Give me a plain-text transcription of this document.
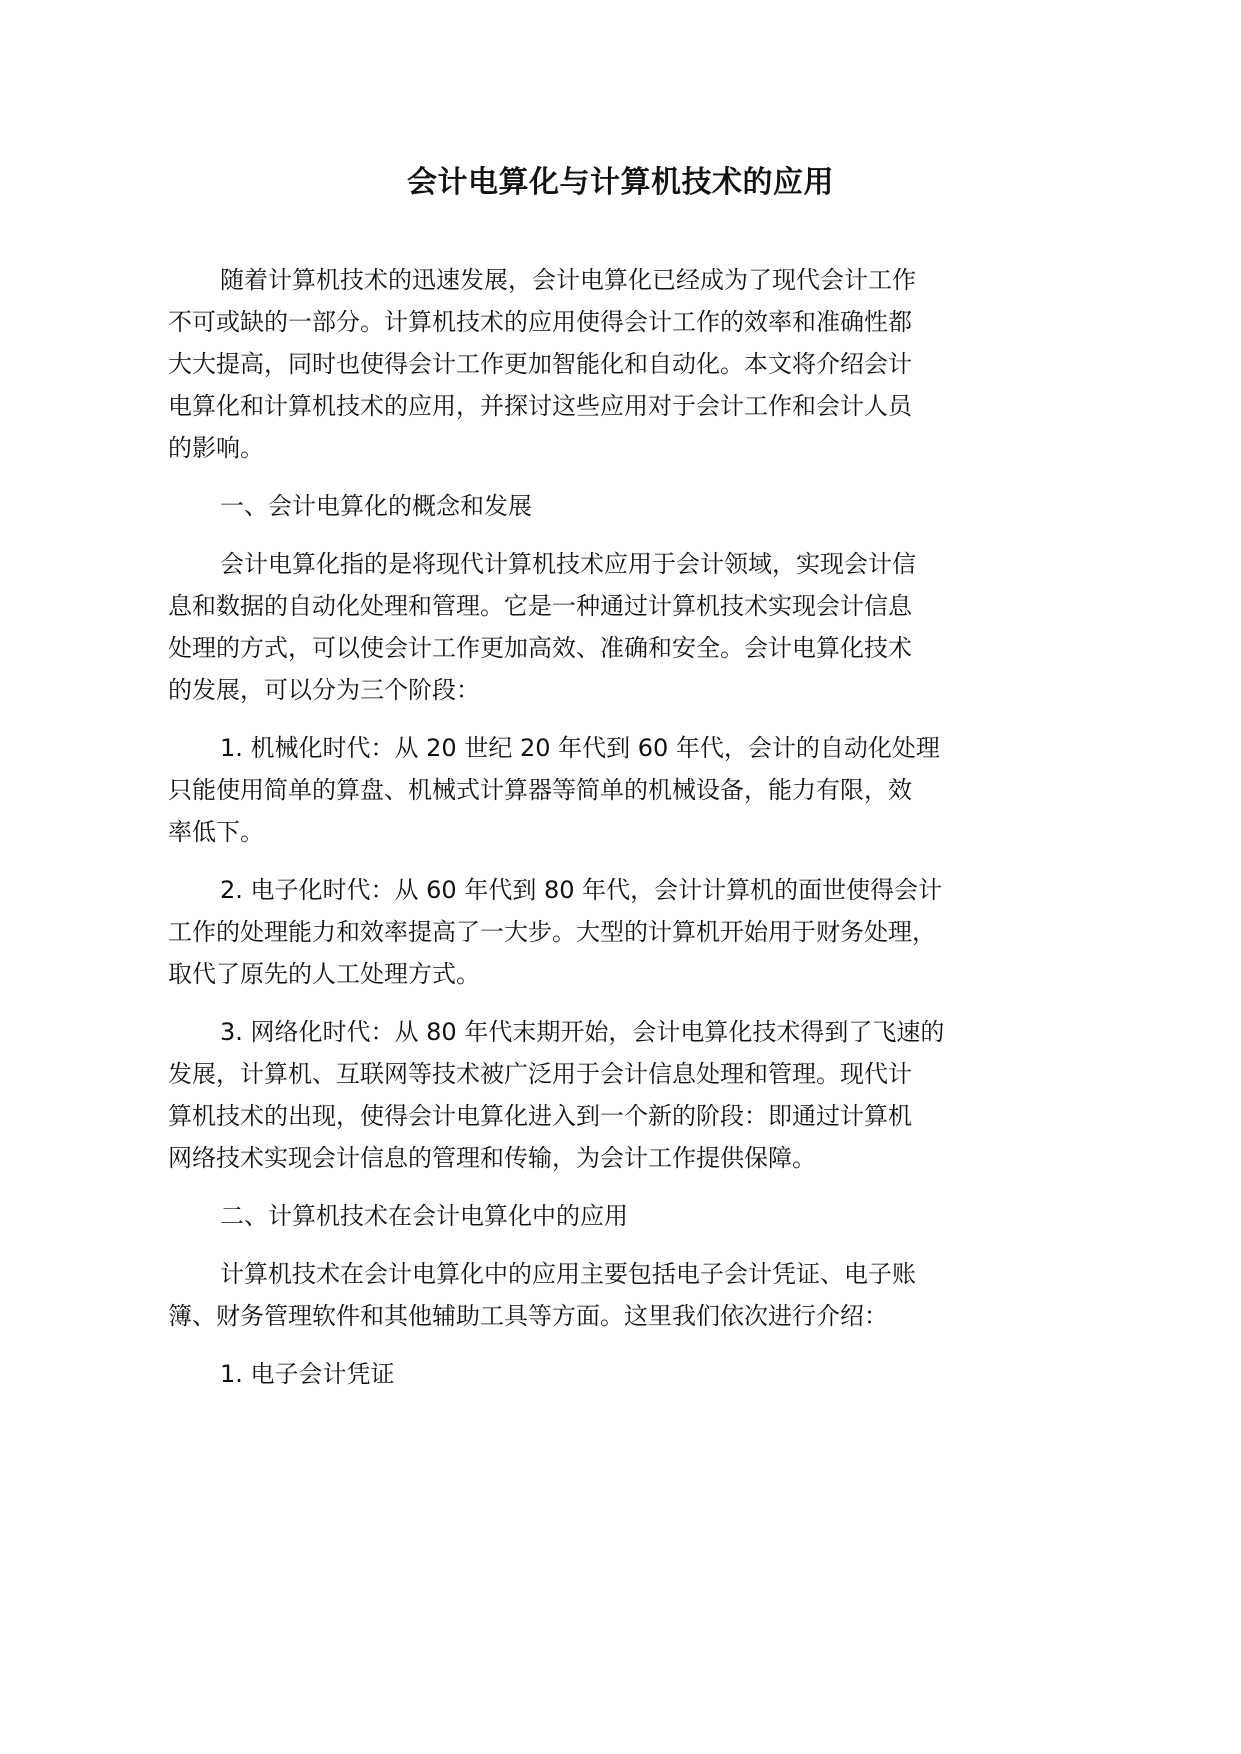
会计电算化与计算机技术的应用
随着计算机技术的迅速发展，会计电算化已经成为了现代会计工作
不可或缺的一部分。计算机技术的应用使得会计工作的效率和准确性都
大大提高，同时也使得会计工作更加智能化和自动化。本文将介绍会计
电算化和计算机技术的应用，并探讨这些应用对于会计工作和会计人员
的影响。
一、会计电算化的概念和发展
会计电算化指的是将现代计算机技术应用于会计领域，实现会计信
息和数据的自动化处理和管理。它是一种通过计算机技术实现会计信息
处理的方式，可以使会计工作更加高效、准确和安全。会计电算化技术
的发展，可以分为三个阶段：
1. 机械化时代：从 20 世纪 20 年代到 60 年代，会计的自动化处理
只能使用简单的算盘、机械式计算器等简单的机械设备，能力有限，效
率低下。
2. 电子化时代：从 60 年代到 80 年代，会计计算机的面世使得会计
工作的处理能力和效率提高了一大步。大型的计算机开始用于财务处理，
取代了原先的人工处理方式。
3. 网络化时代：从 80 年代末期开始，会计电算化技术得到了飞速的
发展，计算机、互联网等技术被广泛用于会计信息处理和管理。现代计
算机技术的出现，使得会计电算化进入到一个新的阶段：即通过计算机
网络技术实现会计信息的管理和传输，为会计工作提供保障。
二、计算机技术在会计电算化中的应用
计算机技术在会计电算化中的应用主要包括电子会计凭证、电子账
簿、财务管理软件和其他辅助工具等方面。这里我们依次进行介绍：
1. 电子会计凭证
